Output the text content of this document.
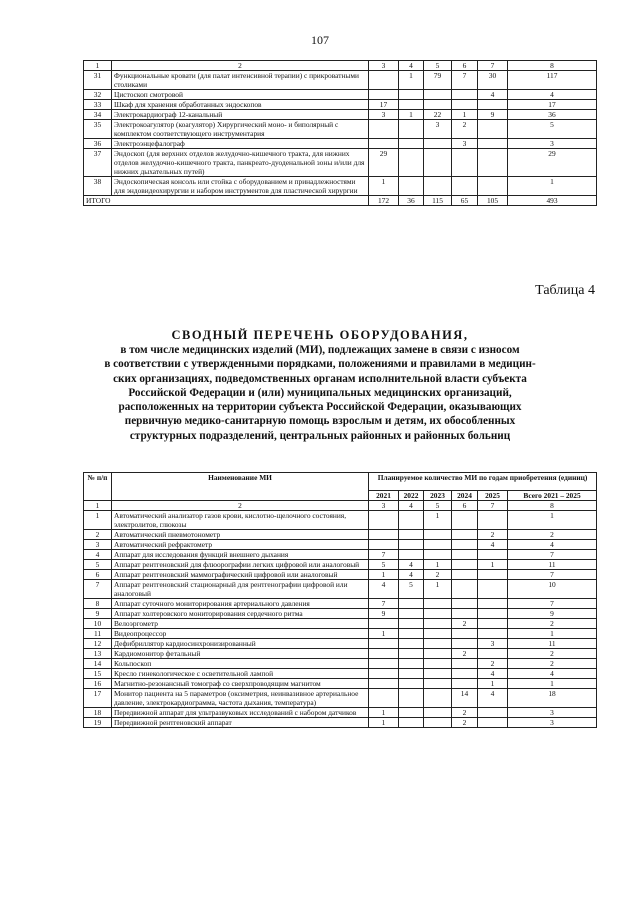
107
1	2	3	4	5	6	7	8
31	Функциональные кровати (для палат интенсивной терапии) с прикроватными столиками		1	79	7	30	117
32	Цистоскоп смотровой					4	4
33	Шкаф для хранения обработанных эндоскопов	17					17
34	Электрокардиограф 12-канальный	3	1	22	1	9	36
35	Электрокоагулятор (коагулятор) Хирургический моно- и биполярный с комплектом соответствующего инструментария			3	2		5
36	Электроэнцефалограф				3		3
37	Эндоскоп (для верхних отделов желудочно-кишечного тракта, для нижних отделов желудочно-кишечного тракта, панкреато-дуоденальной зоны и/или для нижних дыхательных путей)	29					29
38	Эндоскопическая консоль или стойка с оборудованием и принадлежностями для эндовидеохирургии и набором инструментов для пластической хирургии	1					1
ИТОГО		172	36	115	65	105	493
Таблица 4
СВОДНЫЙ ПЕРЕЧЕНЬ ОБОРУДОВАНИЯ,
в том числе медицинских изделий (МИ), подлежащих замене в связи с износом
в соответствии с утвержденными порядками, положениями и правилами в медицин-
ских организациях, подведомственных органам исполнительной власти субъекта
Российской Федерации и (или) муниципальных медицинских организаций,
расположенных на территории субъекта Российской Федерации, оказывающих
первичную медико-санитарную помощь взрослым и детям, их обособленных
структурных подразделений, центральных районных и районных больниц
№ п/п	Наименование МИ	Планируемое количество МИ по годам приобретения (единиц)					
		2021	2022	2023	2024	2025	Всего 2021 – 2025
1	2	3	4	5	6	7	8
1	Автоматический анализатор газов крови, кислотно-щелочного состояния, электролитов, глюкозы			1			1
2	Автоматический пневмотонометр					2	2
3	Автоматический рефрактометр					4	4
4	Аппарат для исследования функций внешнего дыхания	7					7
5	Аппарат рентгеновский для флюорографии легких цифровой или аналоговый	5	4	1		1	11
6	Аппарат рентгеновский маммографический цифровой или аналоговый	1	4	2			7
7	Аппарат рентгеновский стационарный для рентгенографии цифровой или аналоговый	4	5	1			10
8	Аппарат суточного мониторирования артериального давления	7					7
9	Аппарат холтеровского мониторирования сердечного ритма	9					9
10	Велоэргометр				2		2
11	Видеопроцессор	1					1
12	Дефибриллятор кардиосинхронизированный					3	11
13	Кардиомонитор фетальный				2		2
14	Кольпоскоп					2	2
15	Кресло гинекологическое с осветительной лампой					4	4
16	Магнитно-резонансный томограф со сверхпроводящим магнитом					1	1
17	Монитор пациента на 5 параметров (оксиметрия, неинвазивное артериальное давление, электрокардиограмма, частота дыхания, температура)				14	4	18
18	Передвижной аппарат для ультразвуковых исследований с набором датчиков	1			2		3
19	Передвижной рентгеновский аппарат	1			2		3
